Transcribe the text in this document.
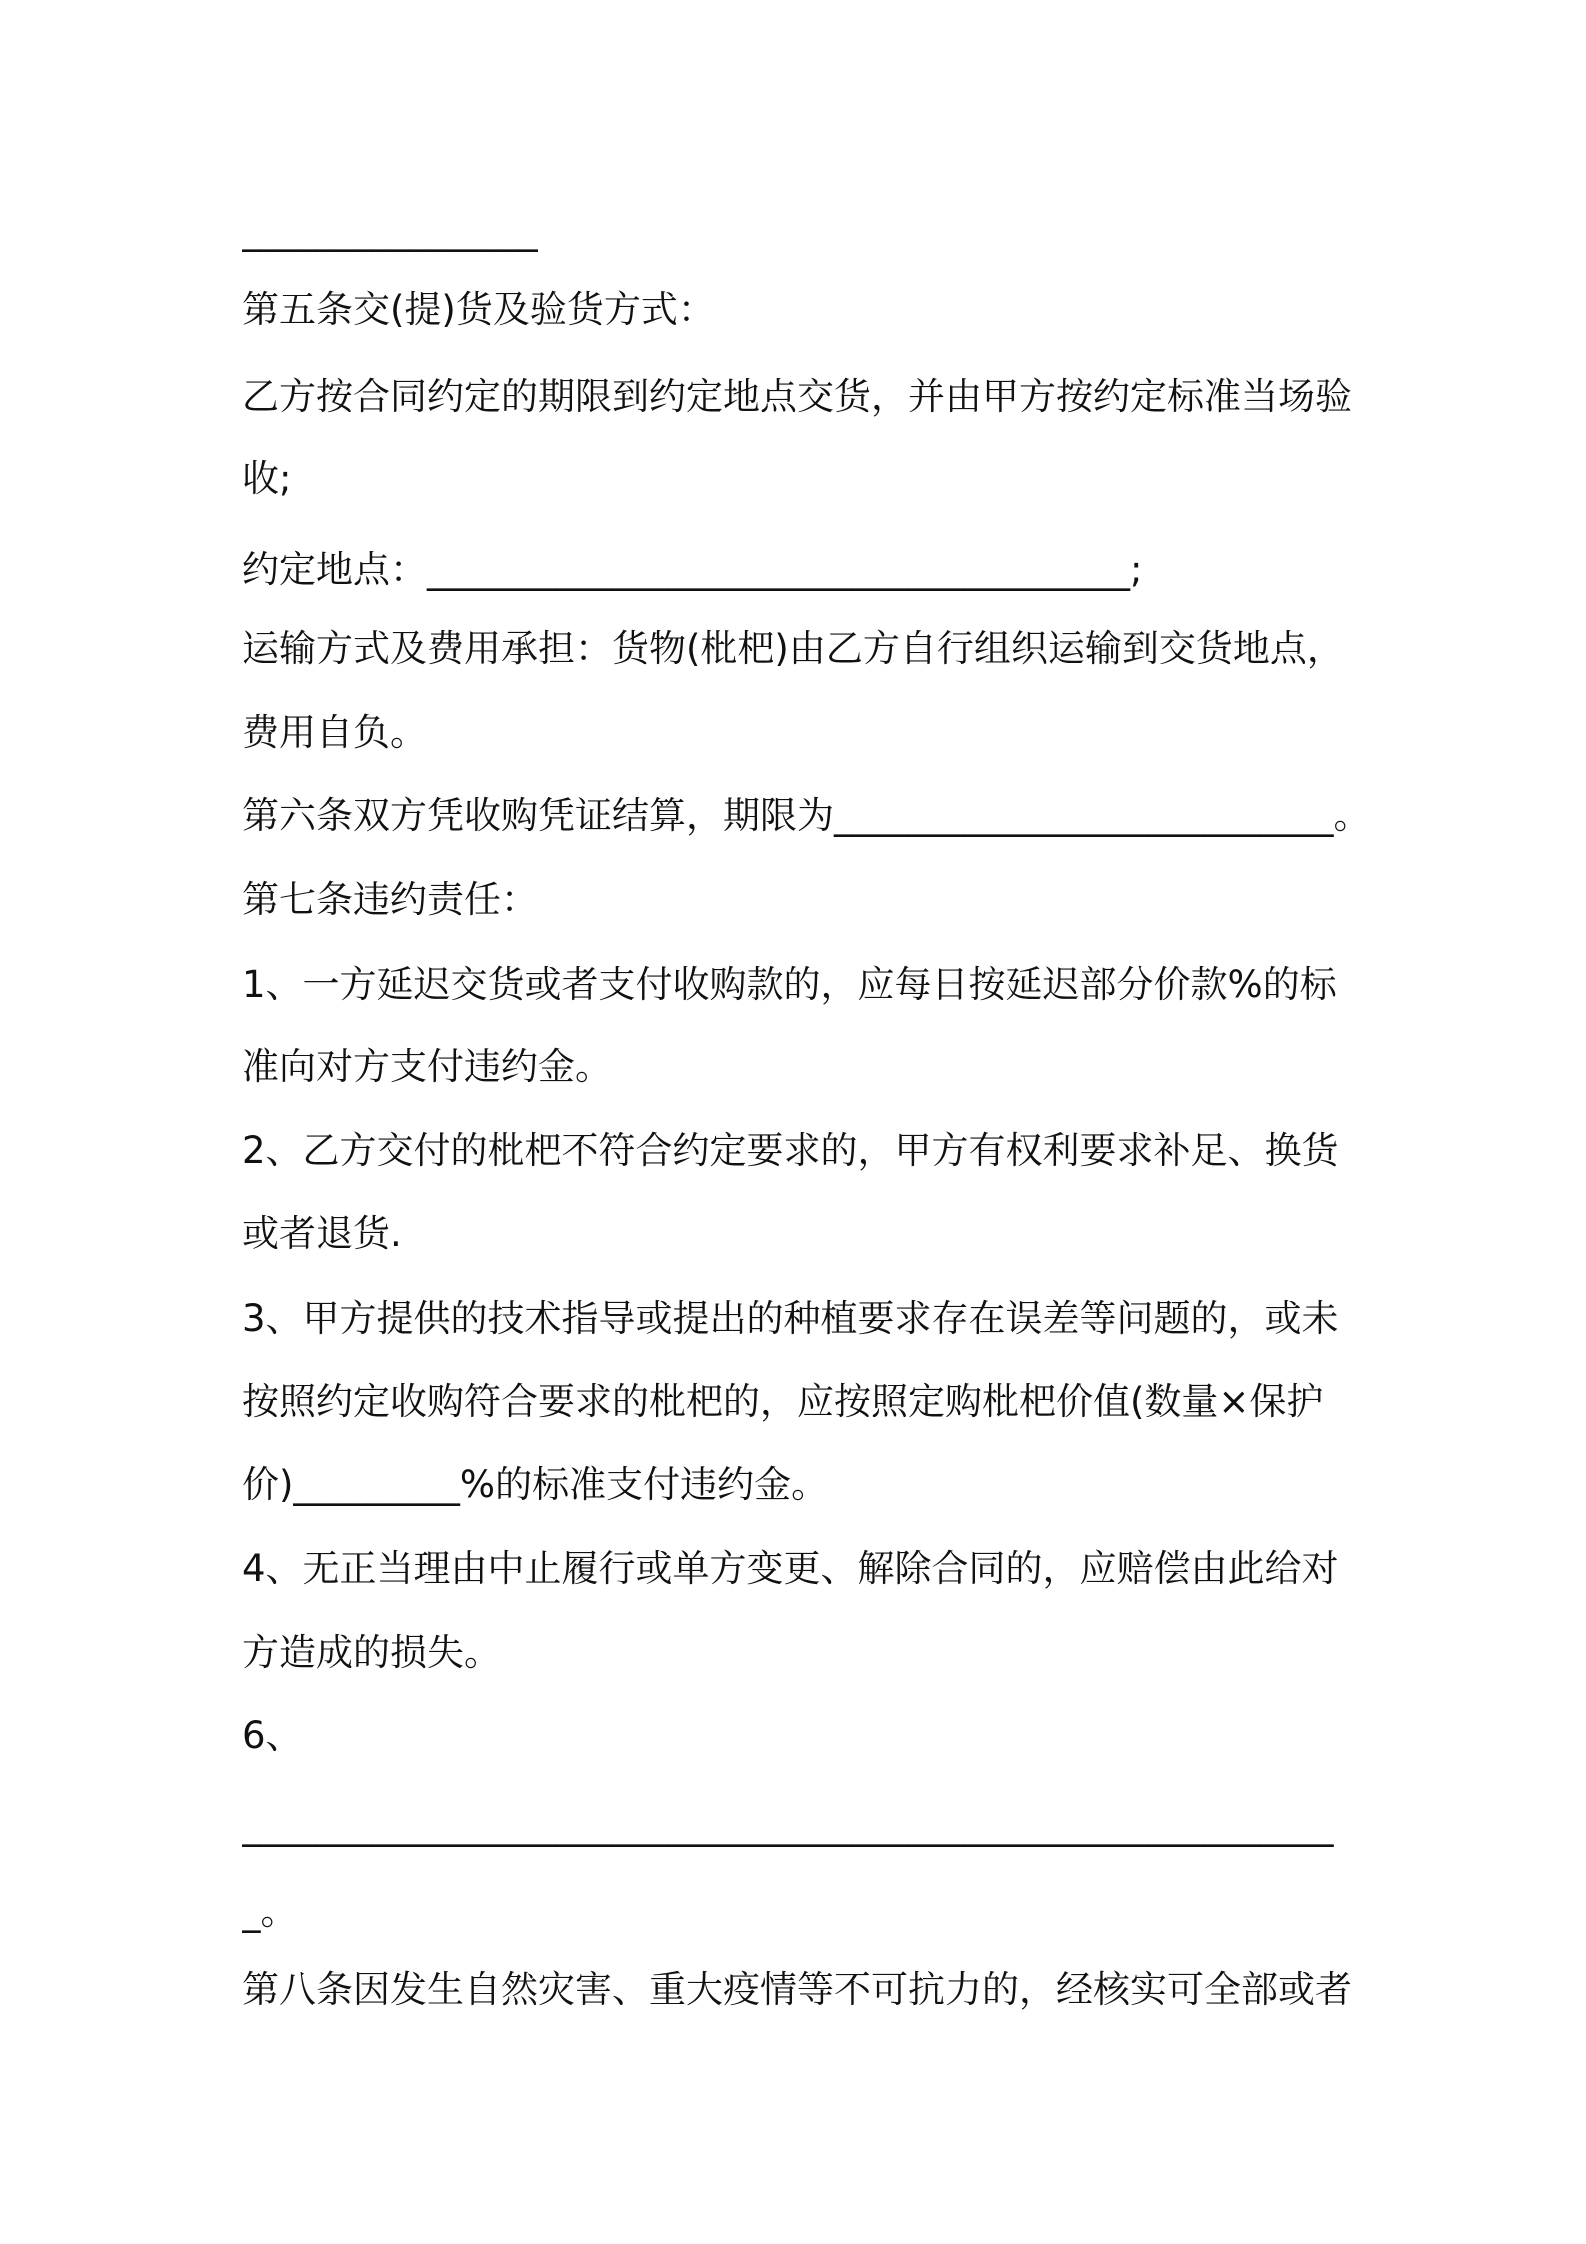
________________
第五条交(提)货及验货方式：
乙方按合同约定的期限到约定地点交货，并由甲方按约定标准当场验
收;
约定地点：______________________________________;
运输方式及费用承担：货物(枇杷)由乙方自行组织运输到交货地点，
费用自负。
第六条双方凭收购凭证结算，期限为___________________________。
第七条违约责任：
1、一方延迟交货或者支付收购款的，应每日按延迟部分价款%的标
准向对方支付违约金。
2、乙方交付的枇杷不符合约定要求的，甲方有权利要求补足、换货
或者退货.
3、甲方提供的技术指导或提出的种植要求存在误差等问题的，或未
按照约定收购符合要求的枇杷的，应按照定购枇杷价值(数量×保护
价)_________%的标准支付违约金。
4、无正当理由中止履行或单方变更、解除合同的，应赔偿由此给对
方造成的损失。
6、
___________________________________________________________
_。
第八条因发生自然灾害、重大疫情等不可抗力的，经核实可全部或者
